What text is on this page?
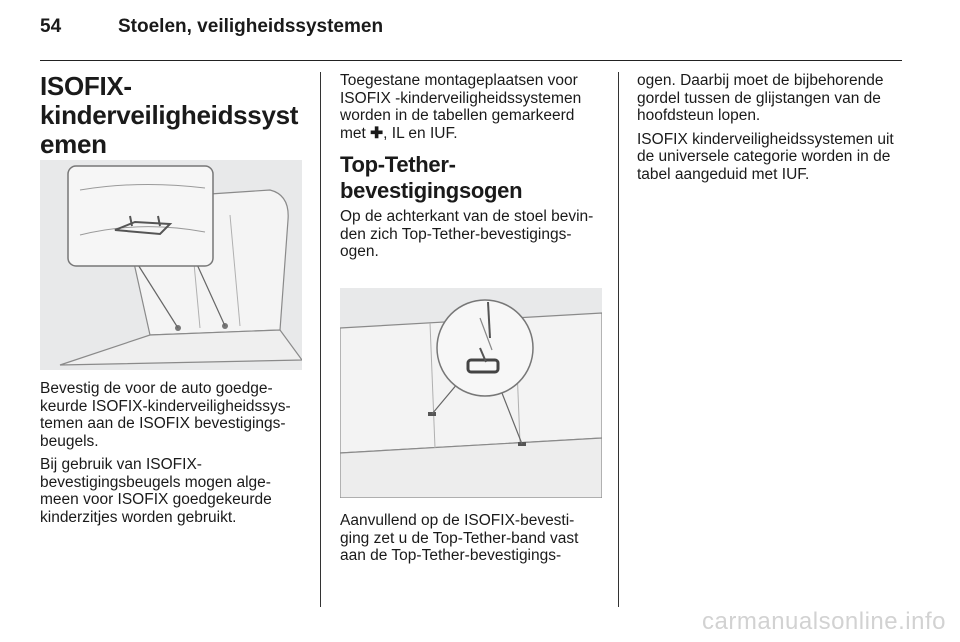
54	Stoelen, veiligheidssystemen
ISOFIX-kinderveiligheidssystemen

Bevestig de voor de auto goedge-keurde ISOFIX-kinderveiligheidssys-temen aan de ISOFIX bevestigings-beugels.

Bij gebruik van ISOFIX-bevestigingsbeugels mogen alge-meen voor ISOFIX goedgekeurde kinderzitjes worden gebruikt.

Toegestane montageplaatsen voor ISOFIX -kinderveiligheidssystemen worden in de tabellen gemarkeerd met ✚, IL en IUF.

Top-Tether-bevestigingsogen

Op de achterkant van de stoel bevin-den zich Top-Tether-bevestigings-ogen.

Aanvullend op de ISOFIX-bevesti-ging zet u de Top-Tether-band vast aan de Top-Tether-bevestigings-

ogen. Daarbij moet de bijbehorende gordel tussen de glijstangen van de hoofdsteun lopen.

ISOFIX kinderveiligheidssystemen uit de universele categorie worden in de tabel aangeduid met IUF.

carmanualsonline.info
